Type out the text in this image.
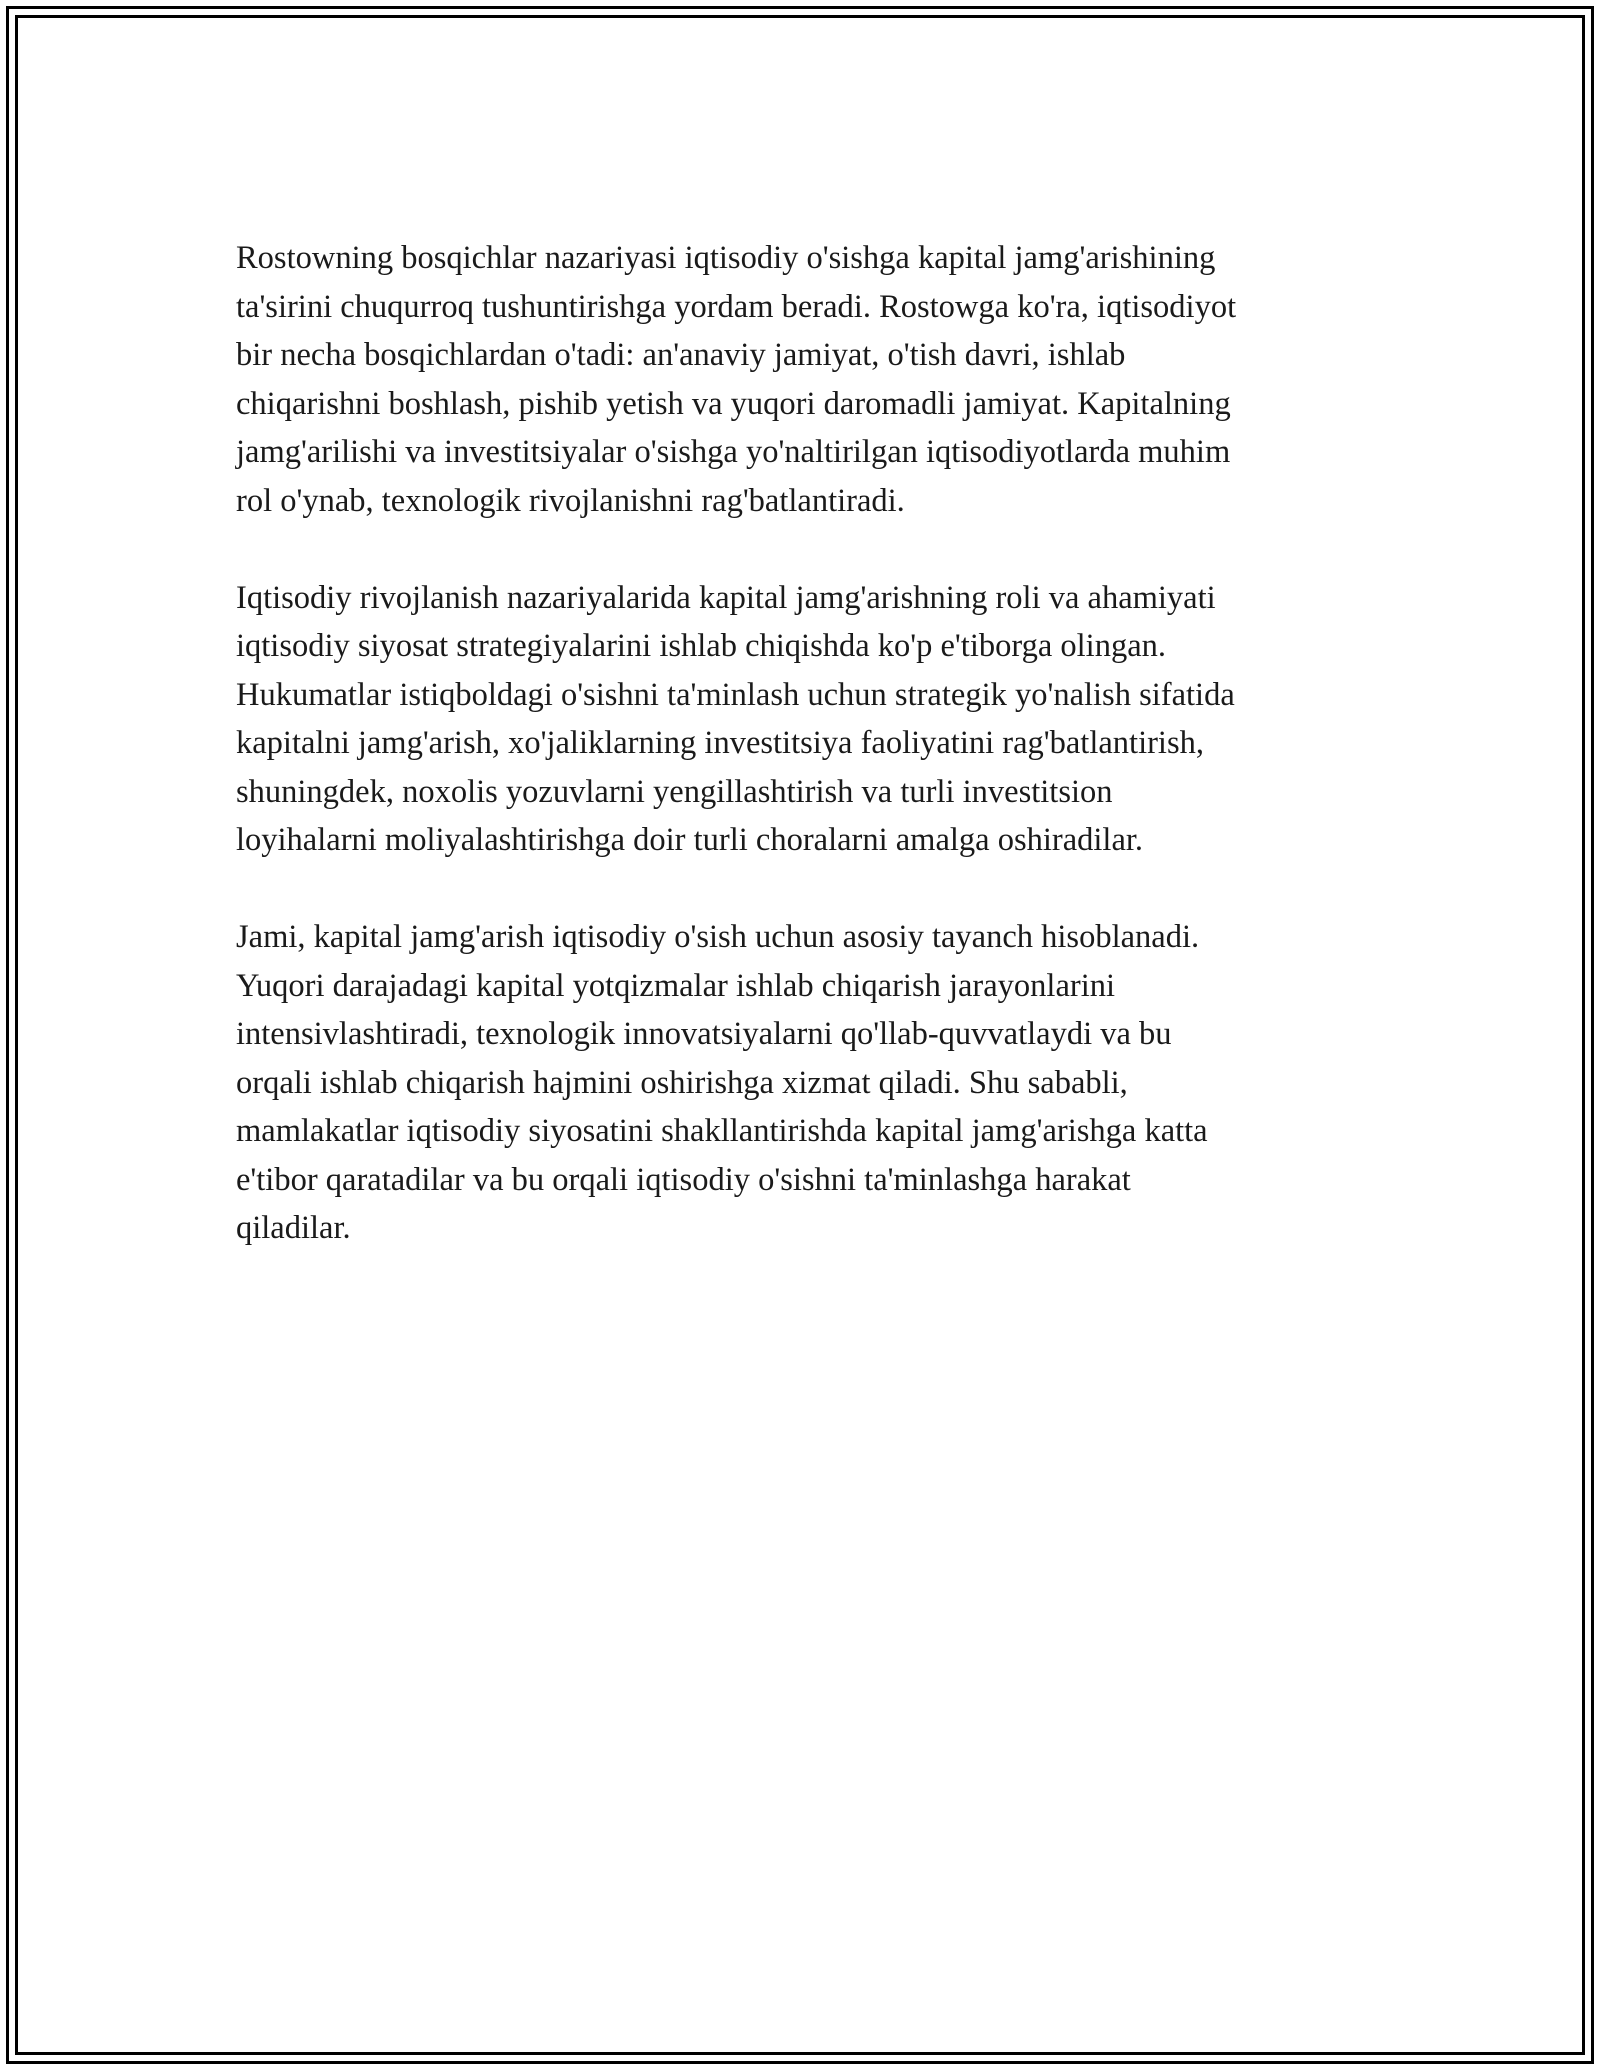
Rostowning bosqichlar nazariyasi iqtisodiy o'sishga kapital jamg'arishining
ta'sirini chuqurroq tushuntirishga yordam beradi. Rostowga ko'ra, iqtisodiyot
bir necha bosqichlardan o'tadi: an'anaviy jamiyat, o'tish davri, ishlab
chiqarishni boshlash, pishib yetish va yuqori daromadli jamiyat. Kapitalning
jamg'arilishi va investitsiyalar o'sishga yo'naltirilgan iqtisodiyotlarda muhim
rol o'ynab, texnologik rivojlanishni rag'batlantiradi.

Iqtisodiy rivojlanish nazariyalarida kapital jamg'arishning roli va ahamiyati
iqtisodiy siyosat strategiyalarini ishlab chiqishda ko'p e'tiborga olingan.
Hukumatlar istiqboldagi o'sishni ta'minlash uchun strategik yo'nalish sifatida
kapitalni jamg'arish, xo'jaliklarning investitsiya faoliyatini rag'batlantirish,
shuningdek, noxolis yozuvlarni yengillashtirish va turli investitsion
loyihalarni moliyalashtirishga doir turli choralarni amalga oshiradilar.

Jami, kapital jamg'arish iqtisodiy o'sish uchun asosiy tayanch hisoblanadi.
Yuqori darajadagi kapital yotqizmalar ishlab chiqarish jarayonlarini
intensivlashtiradi, texnologik innovatsiyalarni qo'llab-quvvatlaydi va bu
orqali ishlab chiqarish hajmini oshirishga xizmat qiladi. Shu sababli,
mamlakatlar iqtisodiy siyosatini shakllantirishda kapital jamg'arishga katta
e'tibor qaratadilar va bu orqali iqtisodiy o'sishni ta'minlashga harakat
qiladilar.
